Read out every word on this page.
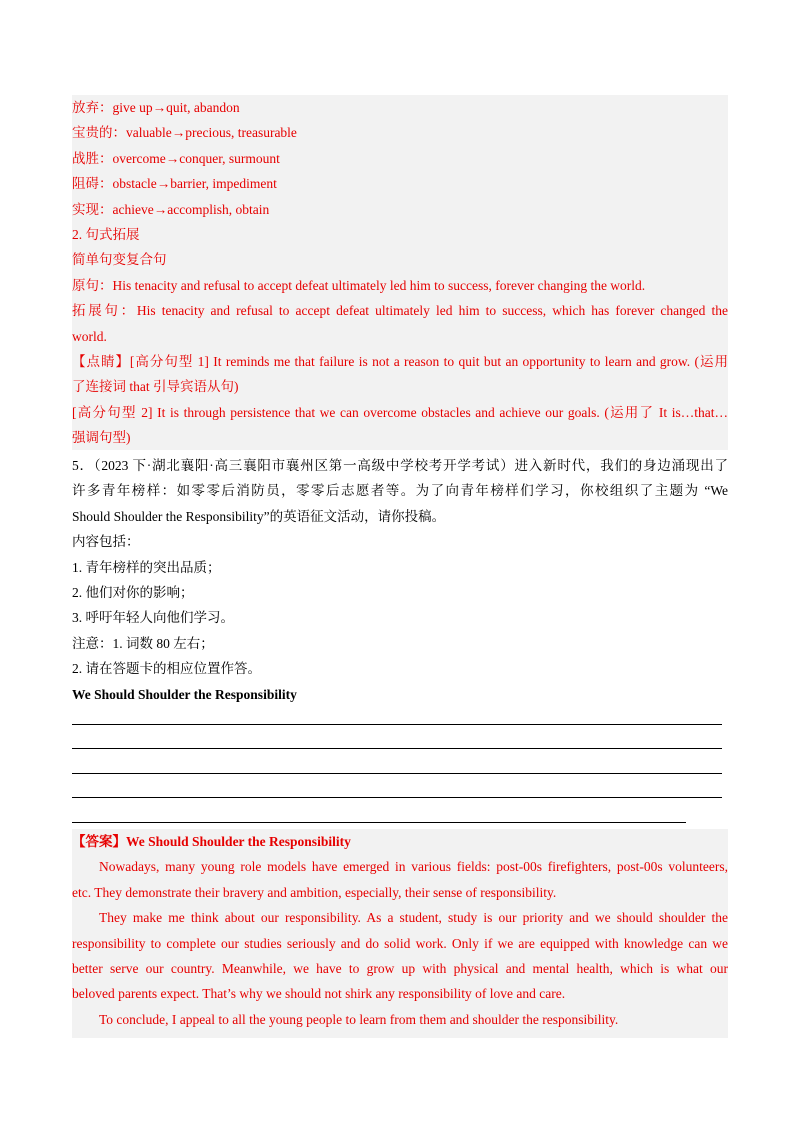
放弃：give up→quit, abandon
宝贵的：valuable→precious, treasurable
战胜：overcome→conquer, surmount
阻碍：obstacle→barrier, impediment
实现：achieve→accomplish, obtain
2. 句式拓展
简单句变复合句
原句：His tenacity and refusal to accept defeat ultimately led him to success, forever changing the world.
拓展句：His tenacity and refusal to accept defeat ultimately led him to success, which has forever changed the
world.
【点睛】[高分句型 1] It reminds me that failure is not a reason to quit but an opportunity to learn and grow. (运用
了连接词 that 引导宾语从句)
[高分句型 2] It is through persistence that we can overcome obstacles and achieve our goals. (运用了 It is…that…
强调句型)
5．（2023 下·湖北襄阳·高三襄阳市襄州区第一高级中学校考开学考试）进入新时代，我们的身边涌现出了
许多青年榜样：如零零后消防员，零零后志愿者等。为了向青年榜样们学习，你校组织了主题为 “We
Should Shoulder the Responsibility”的英语征文活动，请你投稿。
内容包括：
1. 青年榜样的突出品质；
2. 他们对你的影响；
3. 呼吁年轻人向他们学习。
注意：1. 词数 80 左右；
2. 请在答题卡的相应位置作答。
We Should Shoulder the Responsibility
【答案】We Should Shoulder the Responsibility
Nowadays, many young role models have emerged in various fields: post-00s firefighters, post-00s volunteers,
etc. They demonstrate their bravery and ambition, especially, their sense of responsibility.
They make me think about our responsibility. As a student, study is our priority and we should shoulder the
responsibility to complete our studies seriously and do solid work. Only if we are equipped with knowledge can we
better serve our country. Meanwhile, we have to grow up with physical and mental health, which is what our
beloved parents expect. That’s why we should not shirk any responsibility of love and care.
To conclude, I appeal to all the young people to learn from them and shoulder the responsibility.
